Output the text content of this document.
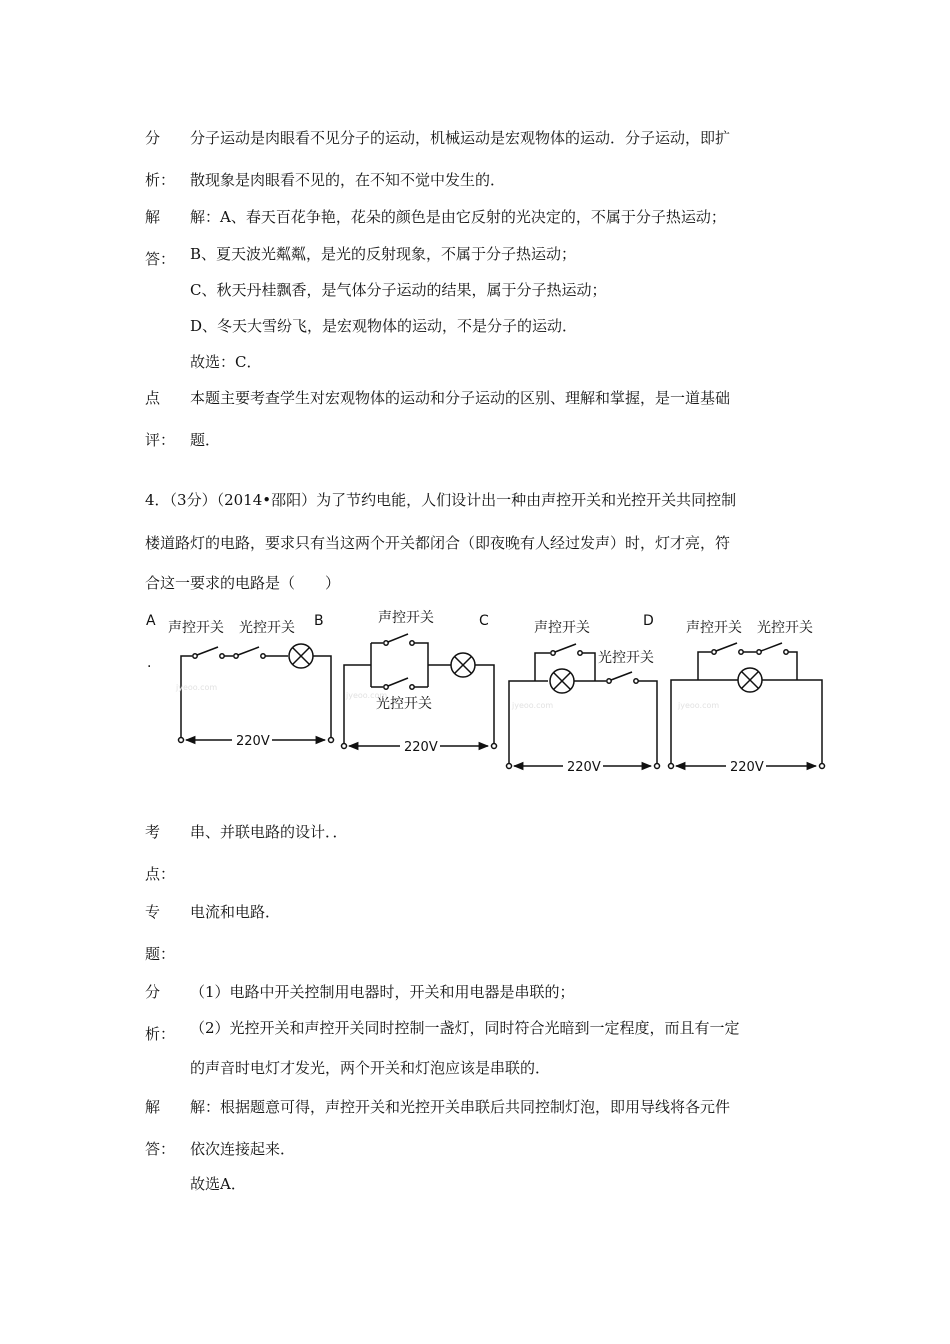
分 分子运动是肉眼看不见分子的运动，机械运动是宏观物体的运动．分子运动，即扩
析： 散现象是肉眼看不见的，在不知不觉中发生的．
解 解：A、春天百花争艳，花朵的颜色是由它反射的光决定的，不属于分子热运动；
答： B、夏天波光粼粼，是光的反射现象，不属于分子热运动；
C、秋天丹桂飘香，是气体分子运动的结果，属于分子热运动；
D、冬天大雪纷飞，是宏观物体的运动，不是分子的运动．
故选：C．
点 本题主要考查学生对宏观物体的运动和分子运动的区别、理解和掌握，是一道基础
评： 题．
4．（3分）（2014•邵阳）为了节约电能，人们设计出一种由声控开关和光控开关共同控制
楼道路灯的电路，要求只有当这两个开关都闭合（即夜晚有人经过发声）时，灯才亮，符
合这一要求的电路是（　　）
A
.
B	C	D
声控开关 光控开关
220V
jyeoo.com
声控开关
光控开关
220V
jyeoo.com
声控开关
光控开关
220V
jyeoo.com
声控开关 光控开关
220V
jyeoo.com
考 串、并联电路的设计．．
点：
专 电流和电路．
题：
分 （1）电路中开关控制用电器时，开关和用电器是串联的；
析： （2）光控开关和声控开关同时控制一盏灯，同时符合光暗到一定程度，而且有一定
的声音时电灯才发光，两个开关和灯泡应该是串联的．
解 解：根据题意可得，声控开关和光控开关串联后共同控制灯泡，即用导线将各元件
答： 依次连接起来．
故选A．
